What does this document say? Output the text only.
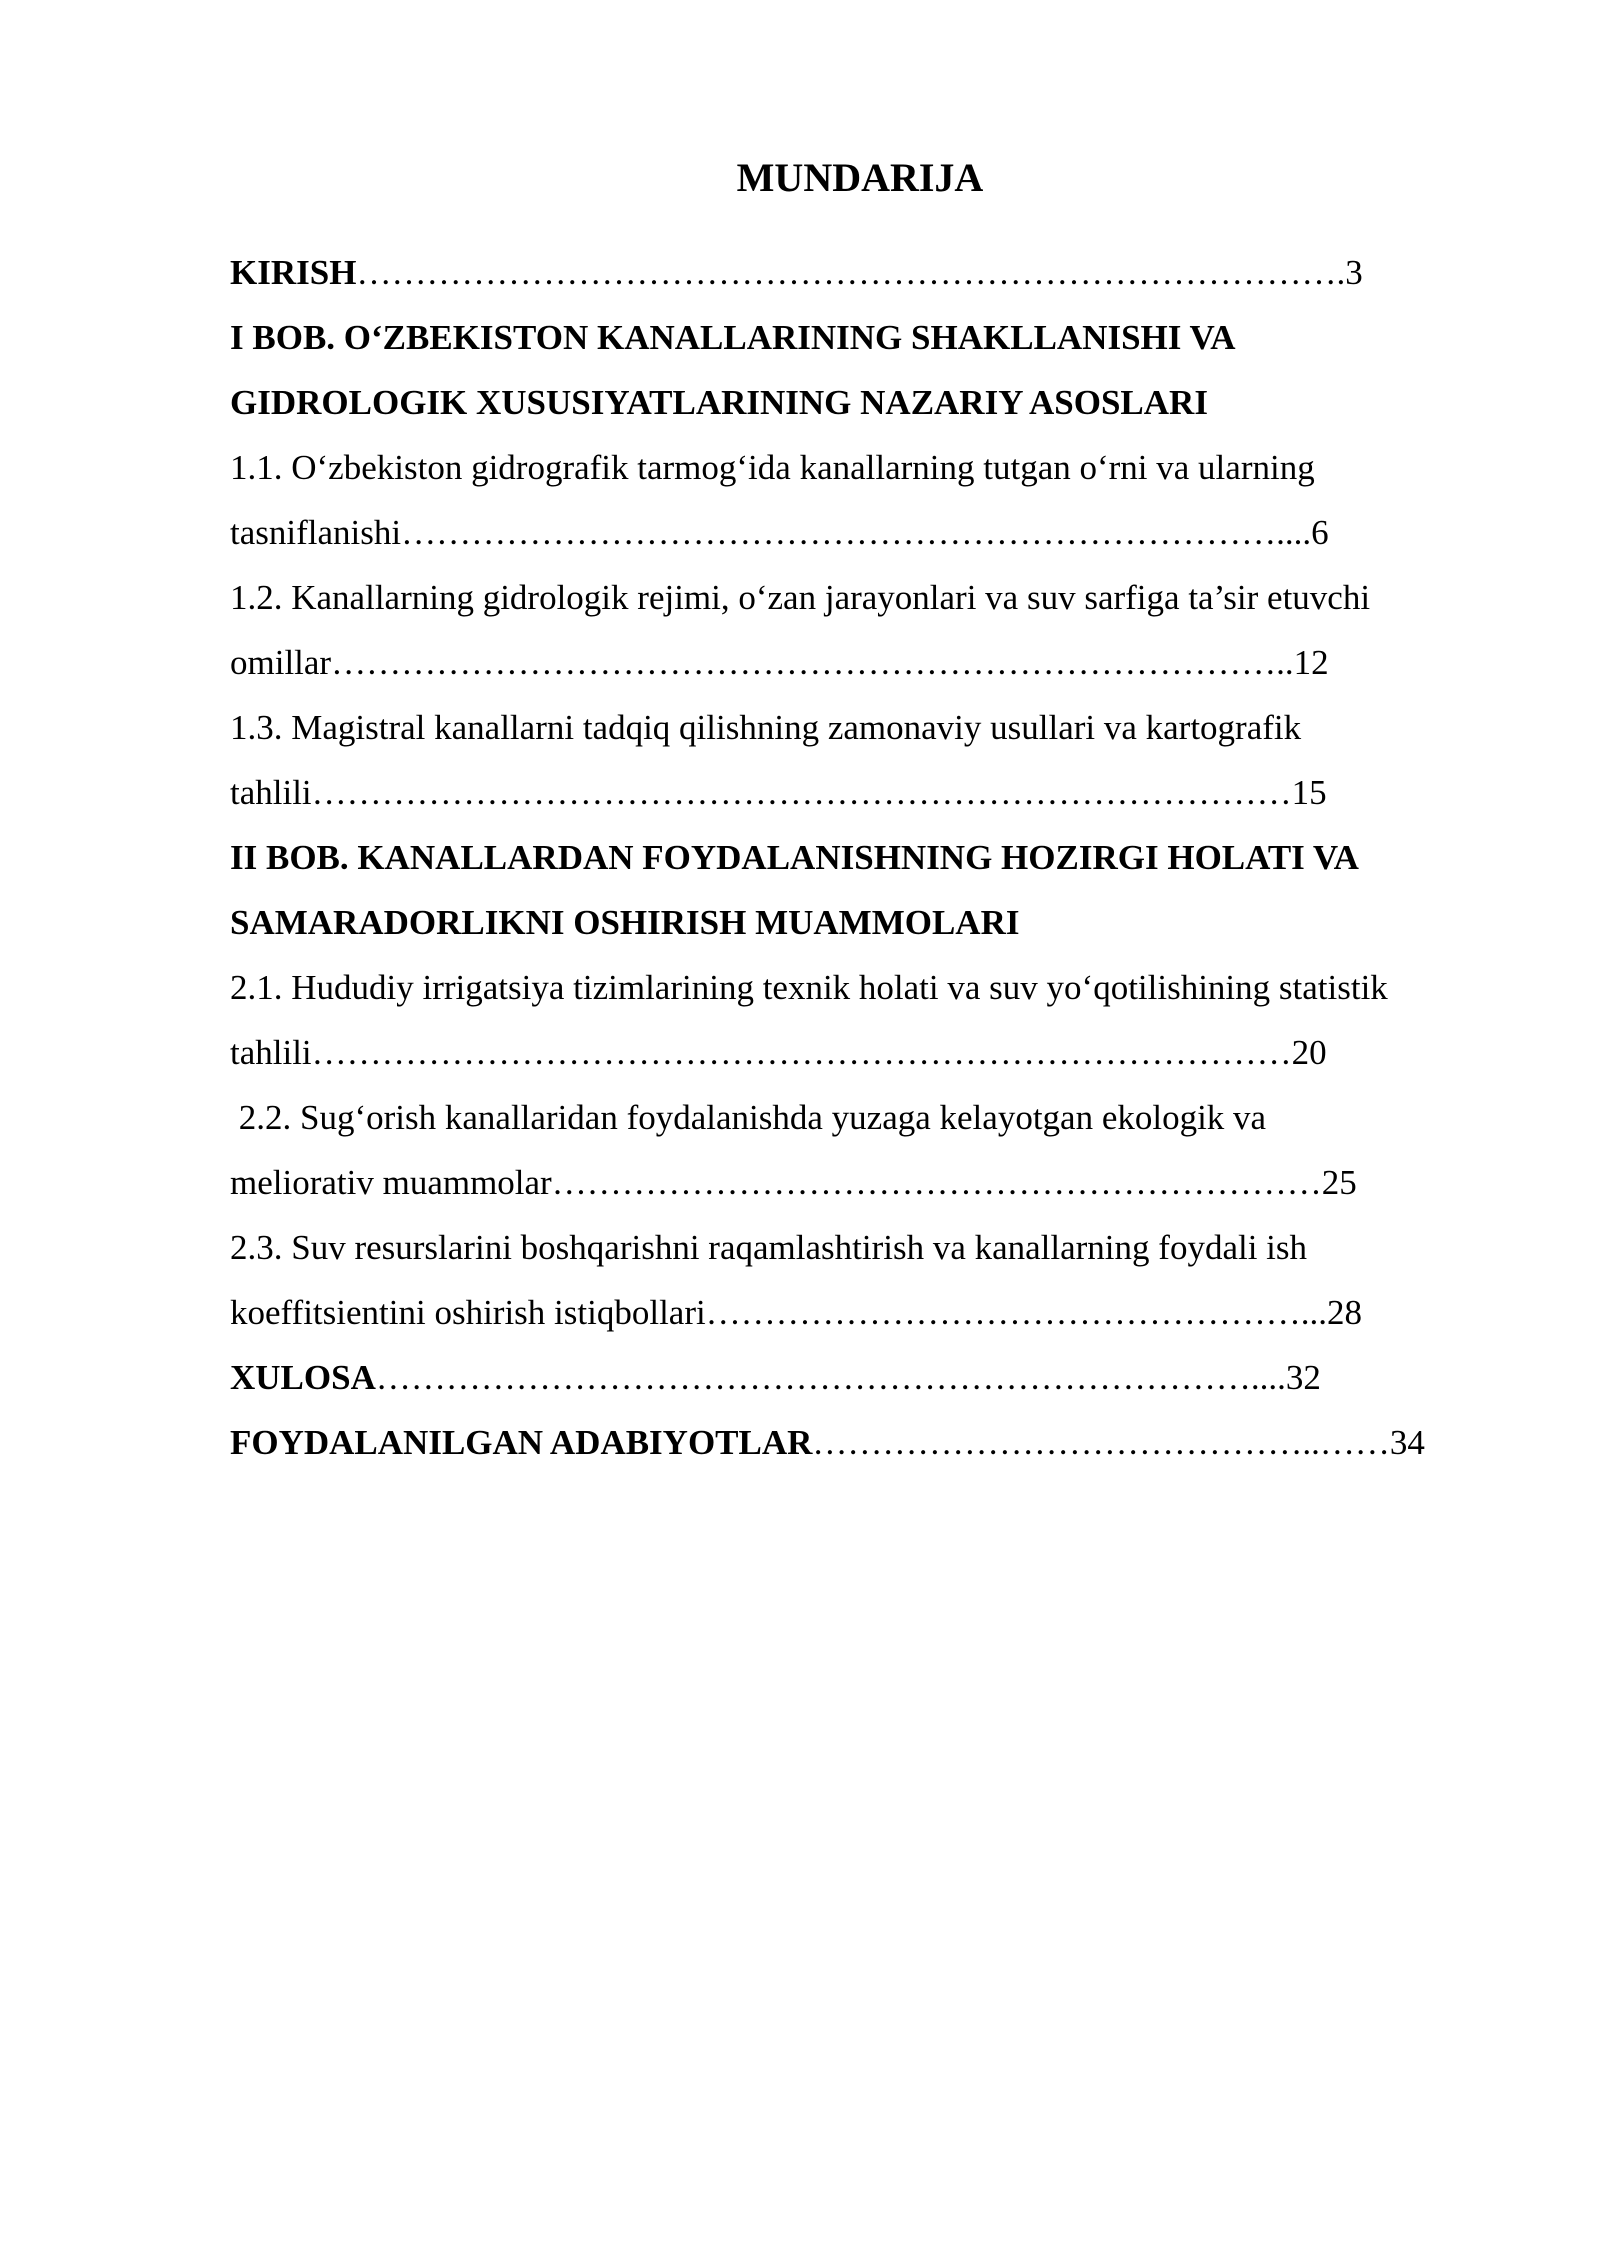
MUNDARIJA
KIRISH………………………………………………………………………….3
I BOB. O‘ZBEKISTON KANALLARINING SHAKLLANISHI VA
GIDROLOGIK XUSUSIYATLARINING NAZARIY ASOSLARI
1.1. O‘zbekiston gidrografik tarmog‘ida kanallarning tutgan o‘rni va ularning
tasniflanishi…………………………………………………………………....6
1.2. Kanallarning gidrologik rejimi, o‘zan jarayonlari va suv sarfiga ta’sir etuvchi
omillar………………………………………………………………………..12
1.3. Magistral kanallarni tadqiq qilishning zamonaviy usullari va kartografik
tahlili…………………………………………………………………………15
II BOB. KANALLARDAN FOYDALANISHNING HOZIRGI HOLATI VA
SAMARADORLIKNI OSHIRISH MUAMMOLARI
2.1. Hududiy irrigatsiya tizimlarining texnik holati va suv yo‘qotilishining statistik
tahlili…………………………………………………………………………20
2.2. Sug‘orish kanallaridan foydalanishda yuzaga kelayotgan ekologik va
meliorativ muammolar…………………………………………………………25
2.3. Suv resurslarini boshqarishni raqamlashtirish va kanallarning foydali ish
koeffitsientini oshirish istiqbollari……………………………………………...28
XULOSA…………………………………………………………………....32
FOYDALANILGAN ADABIYOTLAR……………………………………..……34
